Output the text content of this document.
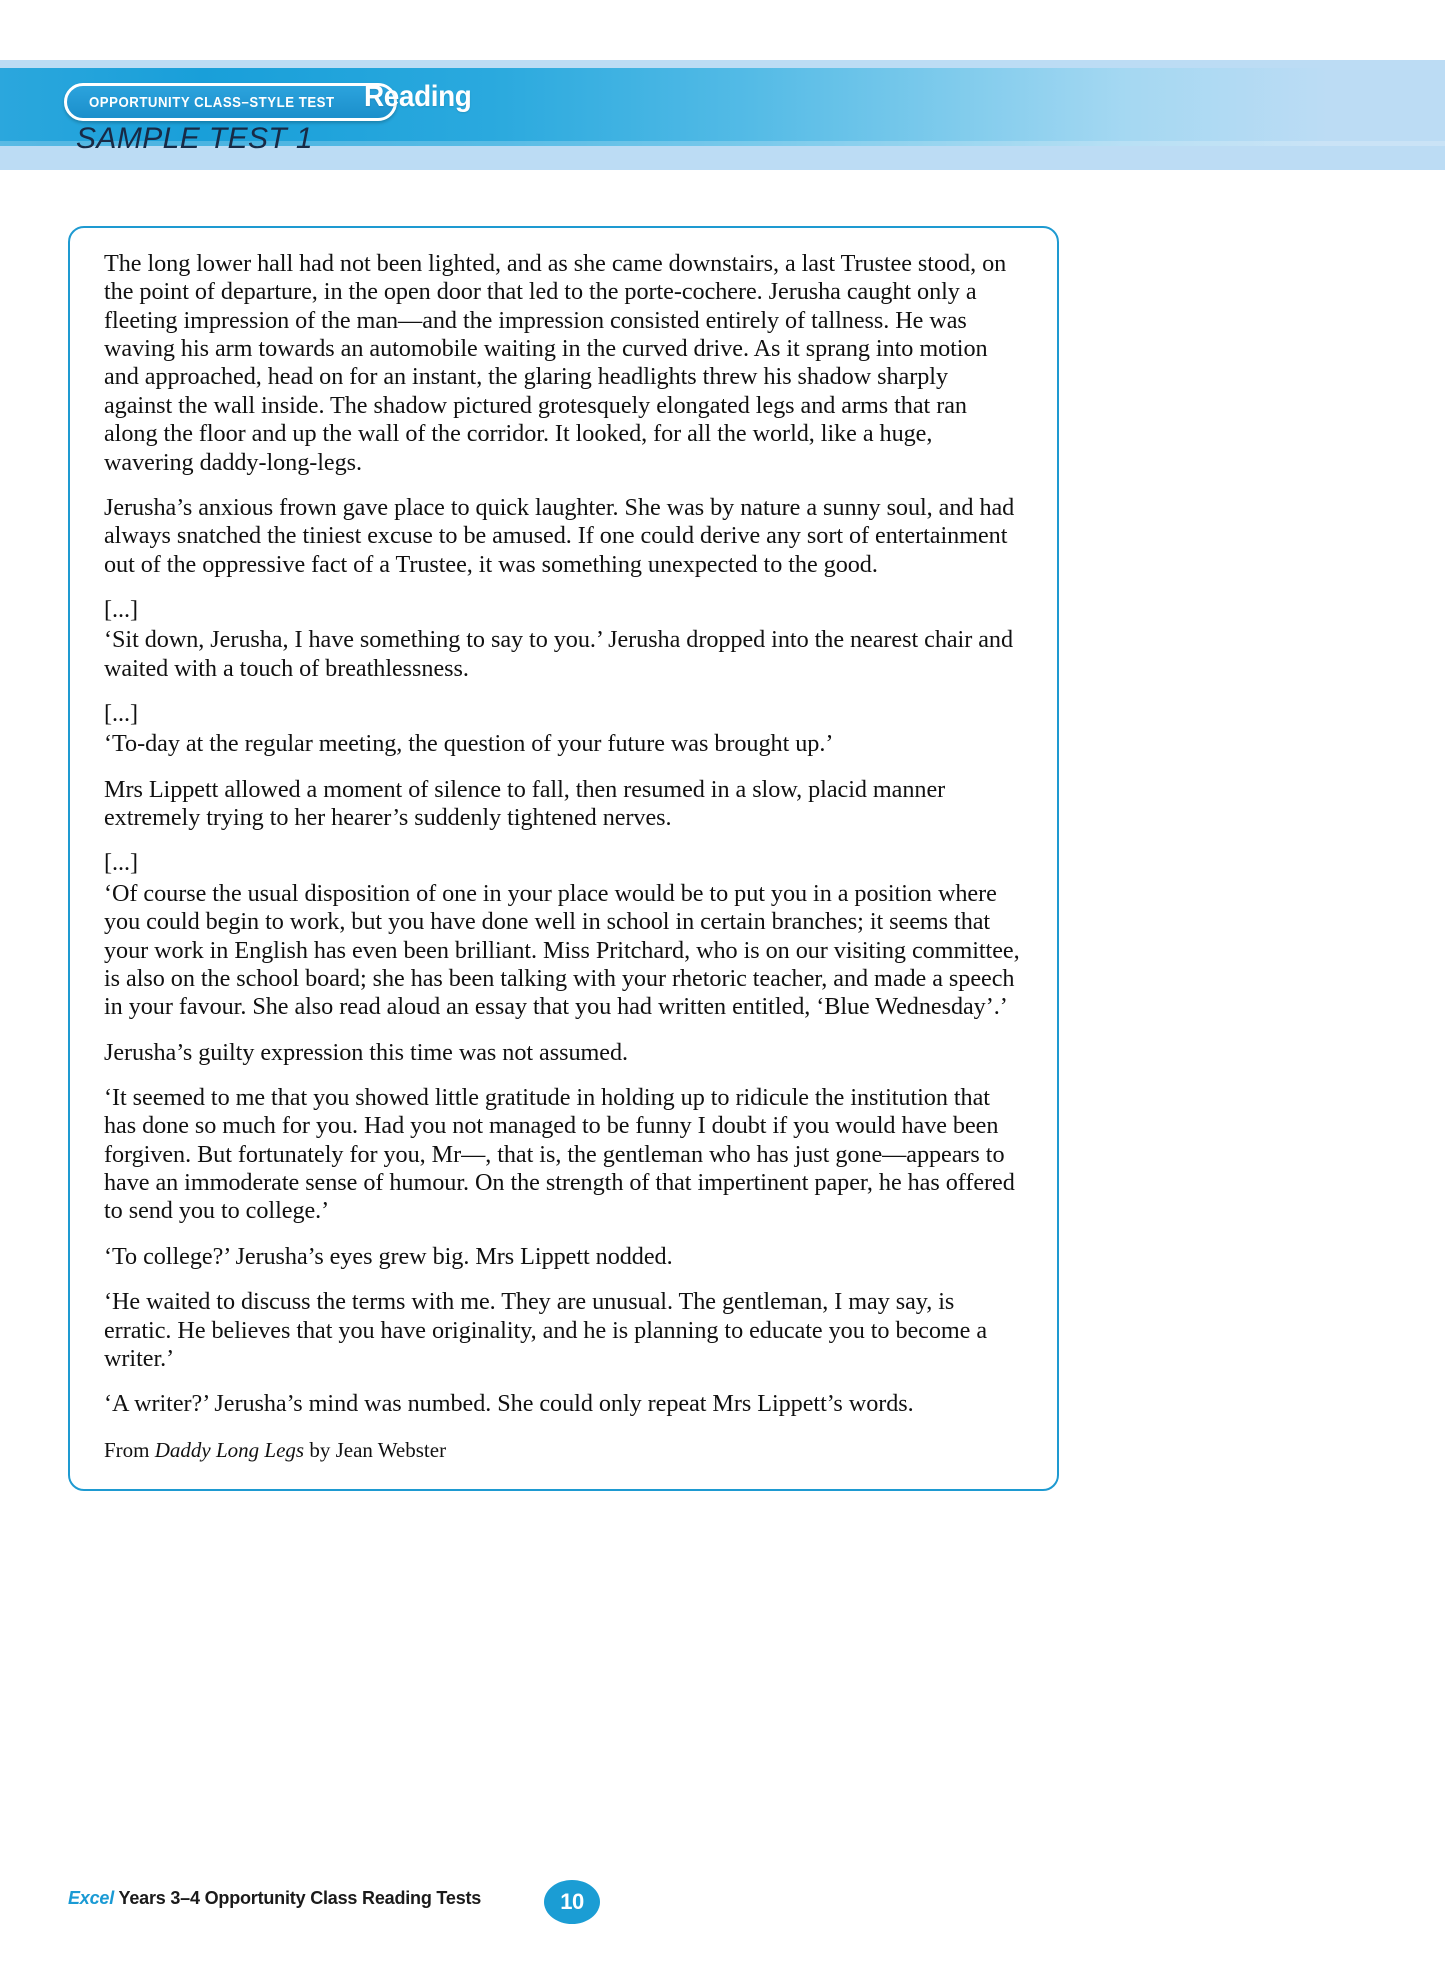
OPPORTUNITY CLASS–STYLE TEST Reading
SAMPLE TEST 1

The long lower hall had not been lighted, and as she came downstairs, a last Trustee stood, on the point of departure, in the open door that led to the porte-cochere. Jerusha caught only a fleeting impression of the man—and the impression consisted entirely of tallness. He was waving his arm towards an automobile waiting in the curved drive. As it sprang into motion and approached, head on for an instant, the glaring headlights threw his shadow sharply against the wall inside. The shadow pictured grotesquely elongated legs and arms that ran along the floor and up the wall of the corridor. It looked, for all the world, like a huge, wavering daddy-long-legs.

Jerusha’s anxious frown gave place to quick laughter. She was by nature a sunny soul, and had always snatched the tiniest excuse to be amused. If one could derive any sort of entertainment out of the oppressive fact of a Trustee, it was something unexpected to the good.

[...]

‘Sit down, Jerusha, I have something to say to you.’ Jerusha dropped into the nearest chair and waited with a touch of breathlessness.

[...]

‘To-day at the regular meeting, the question of your future was brought up.’

Mrs Lippett allowed a moment of silence to fall, then resumed in a slow, placid manner extremely trying to her hearer’s suddenly tightened nerves.

[...]

‘Of course the usual disposition of one in your place would be to put you in a position where you could begin to work, but you have done well in school in certain branches; it seems that your work in English has even been brilliant. Miss Pritchard, who is on our visiting committee, is also on the school board; she has been talking with your rhetoric teacher, and made a speech in your favour. She also read aloud an essay that you had written entitled, ‘Blue Wednesday’.’

Jerusha’s guilty expression this time was not assumed.

‘It seemed to me that you showed little gratitude in holding up to ridicule the institution that has done so much for you. Had you not managed to be funny I doubt if you would have been forgiven. But fortunately for you, Mr—, that is, the gentleman who has just gone—appears to have an immoderate sense of humour. On the strength of that impertinent paper, he has offered to send you to college.’

‘To college?’ Jerusha’s eyes grew big. Mrs Lippett nodded.

‘He waited to discuss the terms with me. They are unusual. The gentleman, I may say, is erratic. He believes that you have originality, and he is planning to educate you to become a writer.’

‘A writer?’ Jerusha’s mind was numbed. She could only repeat Mrs Lippett’s words.

From Daddy Long Legs by Jean Webster

Excel Years 3–4 Opportunity Class Reading Tests	10
